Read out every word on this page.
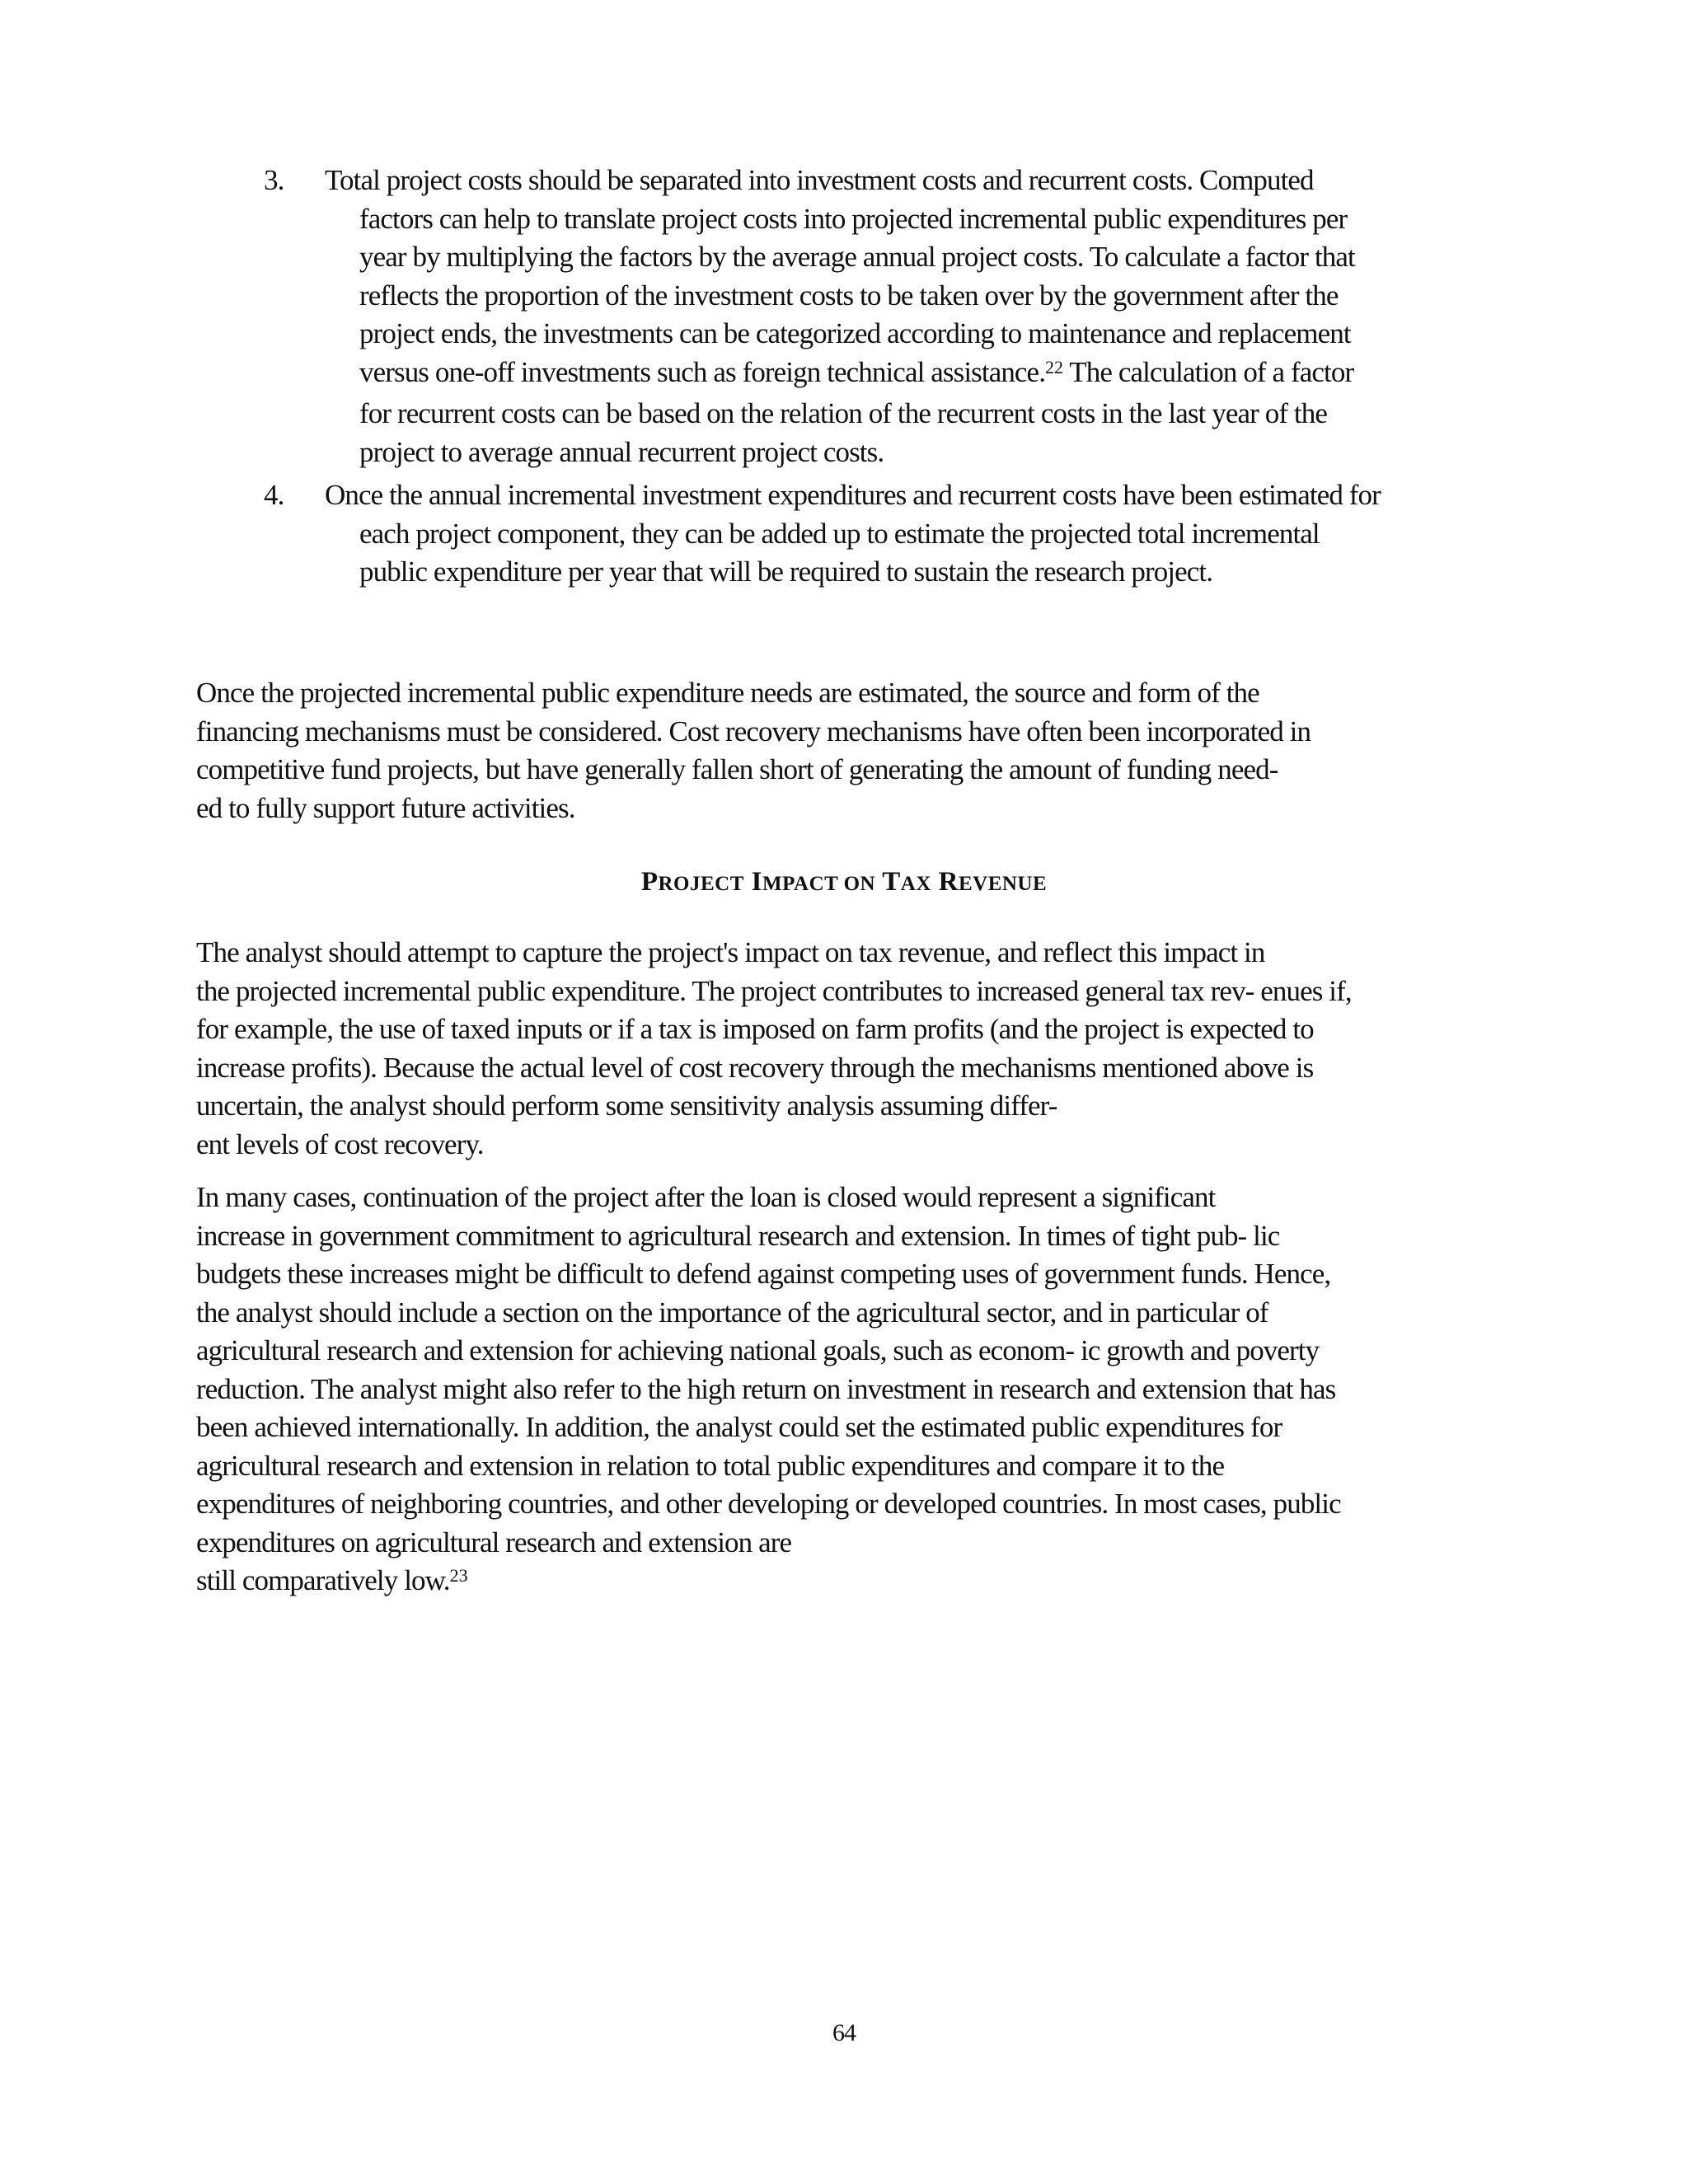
3. Total project costs should be separated into investment costs and recurrent costs. Computed factors can help to translate project costs into projected incremental public expenditures per year by multiplying the factors by the average annual project costs. To calculate a factor that reflects the proportion of the investment costs to be taken over by the government after the project ends, the investments can be categorized according to maintenance and replacement versus one-off investments such as foreign technical assistance.$^{22}$ The calculation of a factor for recurrent costs can be based on the relation of the recurrent costs in the last year of the project to average annual recurrent project costs.
4. Once the annual incremental investment expenditures and recurrent costs have been estimated for each project component, they can be added up to estimate the projected total incremental public expenditure per year that will be required to sustain the research project.

Once the projected incremental public expenditure needs are estimated, the source and form of the
financing mechanisms must be considered. Cost recovery mechanisms have often been incorporated in
competitive fund projects, but have generally fallen short of generating the amount of funding need-
ed to fully support future activities.

PROJECT IMPACT ON TAX REVENUE

The analyst should attempt to capture the project's impact on tax revenue, and reflect this impact in
the projected incremental public expenditure. The project contributes to increased general tax rev- enues if,
for example, the use of taxed inputs or if a tax is imposed on farm profits (and the project is expected to
increase profits). Because the actual level of cost recovery through the mechanisms mentioned above is
uncertain, the analyst should perform some sensitivity analysis assuming differ-
ent levels of cost recovery.

In many cases, continuation of the project after the loan is closed would represent a significant
increase in government commitment to agricultural research and extension. In times of tight pub- lic
budgets these increases might be difficult to defend against competing uses of government funds. Hence,
the analyst should include a section on the importance of the agricultural sector, and in particular of
agricultural research and extension for achieving national goals, such as econom- ic growth and poverty
reduction. The analyst might also refer to the high return on investment in research and extension that has
been achieved internationally. In addition, the analyst could set the estimated public expenditures for
agricultural research and extension in relation to total public expenditures and compare it to the
expenditures of neighboring countries, and other developing or developed countries. In most cases, public
expenditures on agricultural research and extension are
still comparatively low.$^{23}$

64
